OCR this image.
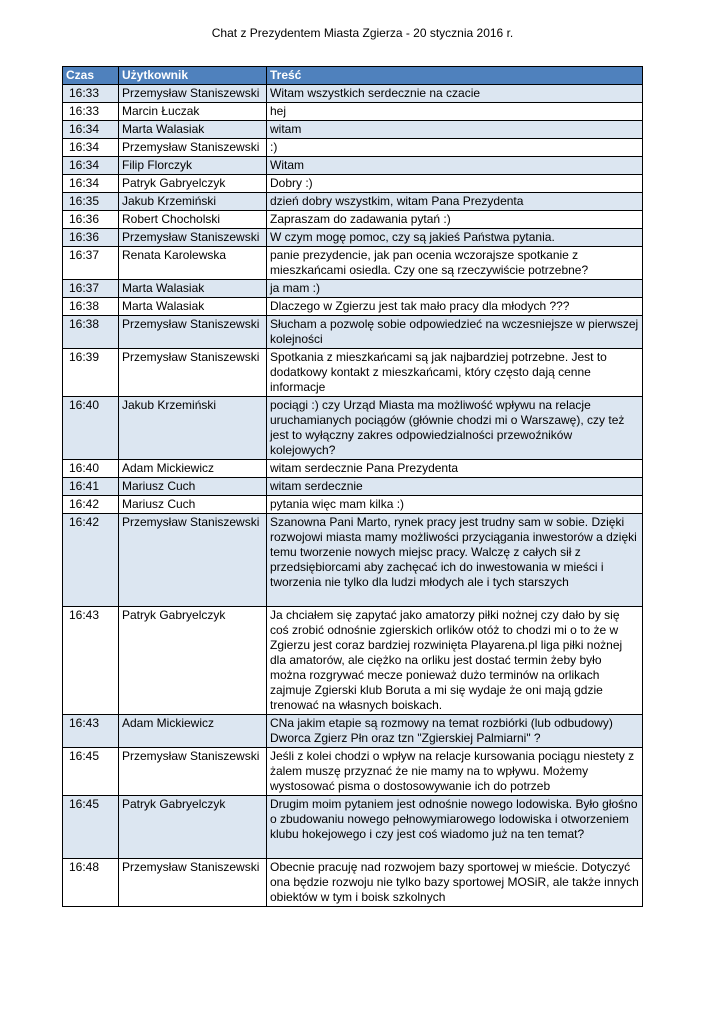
Chat z Prezydentem Miasta Zgierza - 20 stycznia 2016 r.
Czas	Użytkownik	Treść
16:33	Przemysław Staniszewski	Witam wszystkich serdecznie na czacie
16:33	Marcin Łuczak	hej
16:34	Marta Walasiak	witam
16:34	Przemysław Staniszewski	:)
16:34	Filip Florczyk	Witam
16:34	Patryk Gabryelczyk	Dobry :)
16:35	Jakub Krzemiński	dzień dobry wszystkim, witam Pana Prezydenta
16:36	Robert Chocholski	Zapraszam do zadawania pytań :)
16:36	Przemysław Staniszewski	W czym mogę pomoc, czy są jakieś Państwa pytania.
16:37	Renata Karolewska	panie prezydencie, jak pan ocenia wczorajsze spotkanie z mieszkańcami osiedla. Czy one są rzeczywiście potrzebne?
16:37	Marta Walasiak	ja mam :)
16:38	Marta Walasiak	Dlaczego w Zgierzu jest tak mało pracy dla młodych ???
16:38	Przemysław Staniszewski	Słucham a pozwolę sobie odpowiedzieć na wczesniejsze w pierwszej kolejności
16:39	Przemysław Staniszewski	Spotkania z mieszkańcami są jak najbardziej potrzebne. Jest to dodatkowy kontakt z mieszkańcami, który często dają cenne informacje
16:40	Jakub Krzemiński	pociągi :) czy Urząd Miasta ma możliwość wpływu na relacje uruchamianych pociągów (głównie chodzi mi o Warszawę), czy też jest to wyłączny zakres odpowiedzialności przewoźników kolejowych?
16:40	Adam Mickiewicz	witam serdecznie Pana Prezydenta
16:41	Mariusz Cuch	witam serdecznie
16:42	Mariusz Cuch	pytania więc mam kilka :)
16:42	Przemysław Staniszewski	Szanowna Pani Marto, rynek pracy jest trudny sam w sobie. Dzięki rozwojowi miasta mamy możliwości przyciągania inwestorów a dzięki temu tworzenie nowych miejsc pracy. Walczę z całych sił z przedsiębiorcami aby zachęcać ich do inwestowania w mieści i tworzenia nie tylko dla ludzi młodych ale i tych starszych
16:43	Patryk Gabryelczyk	Ja chciałem się zapytać jako amatorzy piłki nożnej czy dało by się coś zrobić odnośnie zgierskich orlików otóż to chodzi mi o to że w Zgierzu jest coraz bardziej rozwinięta Playarena.pl liga piłki nożnej dla amatorów, ale ciężko na orliku jest dostać termin żeby było można rozgrywać mecze ponieważ dużo terminów na orlikach zajmuje Zgierski klub Boruta a mi się wydaje że oni mają gdzie trenować na własnych boiskach.
16:43	Adam Mickiewicz	CNa jakim etapie są rozmowy na temat rozbiórki (lub odbudowy) Dworca Zgierz Płn oraz tzn "Zgierskiej Palmiarni" ?
16:45	Przemysław Staniszewski	Jeśli z kolei chodzi o wpływ na relacje kursowania pociągu niestety z żalem muszę przyznać że nie mamy na to wpływu. Możemy wystosować pisma o dostosowywanie ich do potrzeb
16:45	Patryk Gabryelczyk	Drugim moim pytaniem jest odnośnie nowego lodowiska. Było głośno o zbudowaniu nowego pełnowymiarowego lodowiska i otworzeniem klubu hokejowego i czy jest coś wiadomo już na ten temat?
16:48	Przemysław Staniszewski	Obecnie pracuję nad rozwojem bazy sportowej w mieście. Dotyczyć ona będzie rozwoju nie tylko bazy sportowej MOSiR, ale także innych obiektów w tym i boisk szkolnych
